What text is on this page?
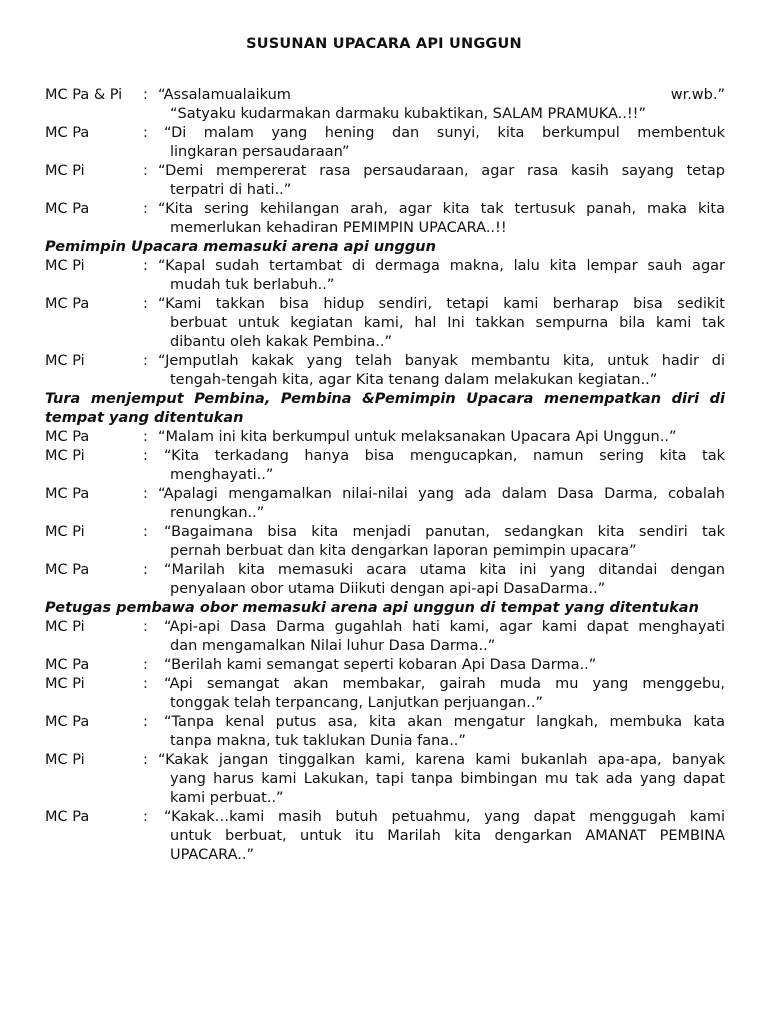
SUSUNAN UPACARA API UNGGUN
MC Pa & Pi	: “Assalamualaikum wr.wb.”
“Satyaku kudarmakan darmaku kubaktikan, SALAM PRAMUKA..!!”
MC Pa	:	“Di malam yang hening dan sunyi, kita berkumpul membentuk
lingkaran persaudaraan”
MC Pi	: “Demi mempererat rasa persaudaraan, agar rasa kasih sayang tetap
terpatri di hati..”
MC Pa	: “Kita sering kehilangan arah, agar kita tak tertusuk panah, maka kita
memerlukan kehadiran PEMIMPIN UPACARA..!!
Pemimpin Upacara memasuki arena api unggun
MC Pi	: “Kapal sudah tertambat di dermaga makna, lalu kita lempar sauh agar
mudah tuk berlabuh..”
MC Pa	: “Kami takkan bisa hidup sendiri, tetapi kami berharap bisa sedikit
berbuat untuk kegiatan kami, hal Ini takkan sempurna bila kami tak
dibantu oleh kakak Pembina..”
MC Pi	: “Jemputlah kakak yang telah banyak membantu kita, untuk hadir di
tengah-tengah kita, agar Kita tenang dalam melakukan kegiatan..”
Tura menjemput Pembina, Pembina &Pemimpin Upacara menempatkan diri di
tempat yang ditentukan
MC Pa	: “Malam ini kita berkumpul untuk melaksanakan Upacara Api Unggun..”
MC Pi	:	“Kita terkadang hanya bisa mengucapkan, namun sering kita tak
menghayati..”
MC Pa	: “Apalagi mengamalkan nilai-nilai yang ada dalam Dasa Darma, cobalah
renungkan..”
MC Pi	:	“Bagaimana bisa kita menjadi panutan, sedangkan kita sendiri tak
pernah berbuat dan kita dengarkan laporan pemimpin upacara”
MC Pa	:	“Marilah kita memasuki acara utama kita ini yang ditandai dengan
penyalaan obor utama Diikuti dengan api-api DasaDarma..”
Petugas pembawa obor memasuki arena api unggun di tempat yang ditentukan
MC Pi	:	“Api-api Dasa Darma gugahlah hati kami, agar kami dapat menghayati
dan mengamalkan Nilai luhur Dasa Darma..”
MC Pa	:	“Berilah kami semangat seperti kobaran Api Dasa Darma..”
MC Pi	:	“Api semangat akan membakar, gairah muda mu yang menggebu,
tonggak telah terpancang, Lanjutkan perjuangan..”
MC Pa	:	“Tanpa kenal putus asa, kita akan mengatur langkah, membuka kata
tanpa makna, tuk taklukan Dunia fana..”
MC Pi	: “Kakak jangan tinggalkan kami, karena kami bukanlah apa-apa, banyak
yang harus kami Lakukan, tapi tanpa bimbingan mu tak ada yang dapat
kami perbuat..”
MC Pa	:	“Kakak…kami masih butuh petuahmu, yang dapat menggugah kami
untuk berbuat, untuk itu Marilah kita dengarkan AMANAT PEMBINA
UPACARA..”
